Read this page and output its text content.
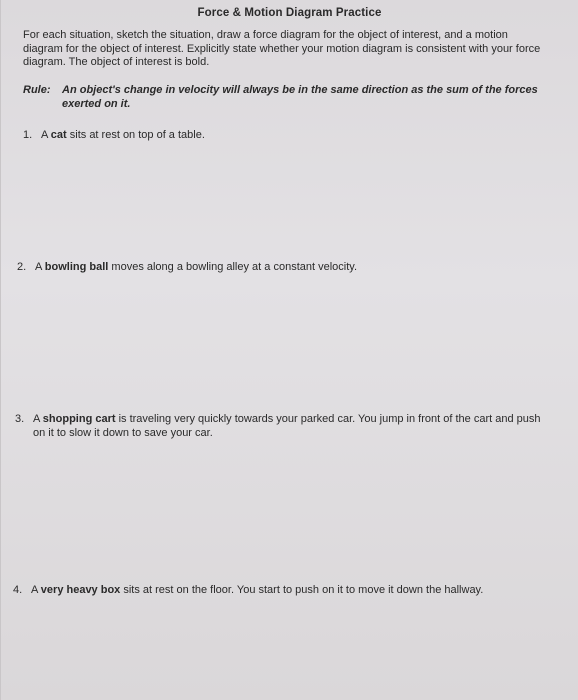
Force & Motion Diagram Practice
For each situation, sketch the situation, draw a force diagram for the object of interest, and a motion diagram for the object of interest. Explicitly state whether your motion diagram is consistent with your force diagram. The object of interest is bold.
Rule: An object's change in velocity will always be in the same direction as the sum of the forces exerted on it.
1. A cat sits at rest on top of a table.
2. A bowling ball moves along a bowling alley at a constant velocity.
3. A shopping cart is traveling very quickly towards your parked car. You jump in front of the cart and push on it to slow it down to save your car.
4. A very heavy box sits at rest on the floor. You start to push on it to move it down the hallway.
